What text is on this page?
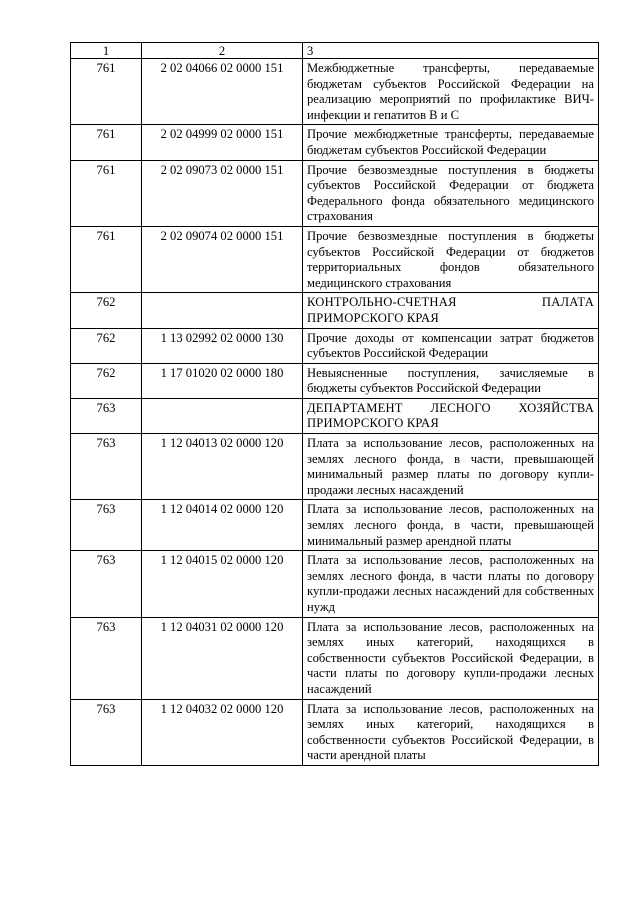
1	2	3
761	2 02 04066 02 0000 151	Межбюджетные трансферты, передаваемые бюджетам субъектов Российской Федерации на реализацию мероприятий по профилактике ВИЧ-инфекции и гепатитов В и С
761	2 02 04999 02 0000 151	Прочие межбюджетные трансферты, передаваемые бюджетам субъектов Российской Федерации
761	2 02 09073 02 0000 151	Прочие безвозмездные поступления в бюджеты субъектов Российской Федерации от бюджета Федерального фонда обязательного медицинского страхования
761	2 02 09074 02 0000 151	Прочие безвозмездные поступления в бюджеты субъектов Российской Федерации от бюджетов территориальных фондов обязательного медицинского страхования
762		КОНТРОЛЬНО-СЧЕТНАЯ ПАЛАТА ПРИМОРСКОГО КРАЯ
762	1 13 02992 02 0000 130	Прочие доходы от компенсации затрат бюджетов субъектов Российской Федерации
762	1 17 01020 02 0000 180	Невыясненные поступления, зачисляемые в бюджеты субъектов Российской Федерации
763		ДЕПАРТАМЕНТ ЛЕСНОГО ХОЗЯЙСТВА ПРИМОРСКОГО КРАЯ
763	1 12 04013 02 0000 120	Плата за использование лесов, расположенных на землях лесного фонда, в части, превышающей минимальный размер платы по договору купли-продажи лесных насаждений
763	1 12 04014 02 0000 120	Плата за использование лесов, расположенных на землях лесного фонда, в части, превышающей минимальный размер арендной платы
763	1 12 04015 02 0000 120	Плата за использование лесов, расположенных на землях лесного фонда, в части платы по договору купли-продажи лесных насаждений для собственных нужд
763	1 12 04031 02 0000 120	Плата за использование лесов, расположенных на землях иных категорий, находящихся в собственности субъектов Российской Федерации, в части платы по договору купли-продажи лесных насаждений
763	1 12 04032 02 0000 120	Плата за использование лесов, расположенных на землях иных категорий, находящихся в собственности субъектов Российской Федерации, в части арендной платы
